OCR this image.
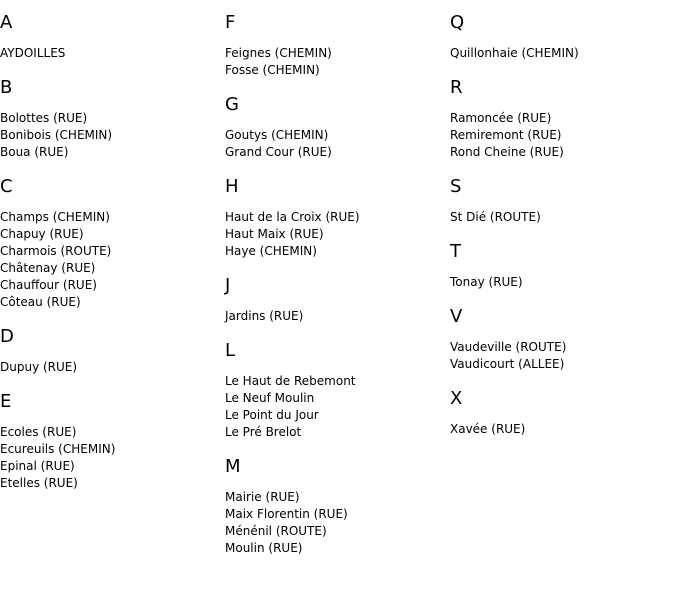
A
AYDOILLES
B
Bolottes (RUE)
Bonibois (CHEMIN)
Boua (RUE)
C
Champs (CHEMIN)
Chapuy (RUE)
Charmois (ROUTE)
Châtenay (RUE)
Chauffour (RUE)
Côteau (RUE)
D
Dupuy (RUE)
E
Ecoles (RUE)
Ecureuils (CHEMIN)
Epinal (RUE)
Etelles (RUE)
F
Feignes (CHEMIN)
Fosse (CHEMIN)
G
Goutys (CHEMIN)
Grand Cour (RUE)
H
Haut de la Croix (RUE)
Haut Maix (RUE)
Haye (CHEMIN)
J
Jardins (RUE)
L
Le Haut de Rebemont
Le Neuf Moulin
Le Point du Jour
Le Pré Brelot
M
Mairie (RUE)
Maix Florentin (RUE)
Ménénil (ROUTE)
Moulin (RUE)
Q
Quillonhaie (CHEMIN)
R
Ramoncée (RUE)
Remiremont (RUE)
Rond Cheine (RUE)
S
St Dié (ROUTE)
T
Tonay (RUE)
V
Vaudeville (ROUTE)
Vaudicourt (ALLEE)
X
Xavée (RUE)
